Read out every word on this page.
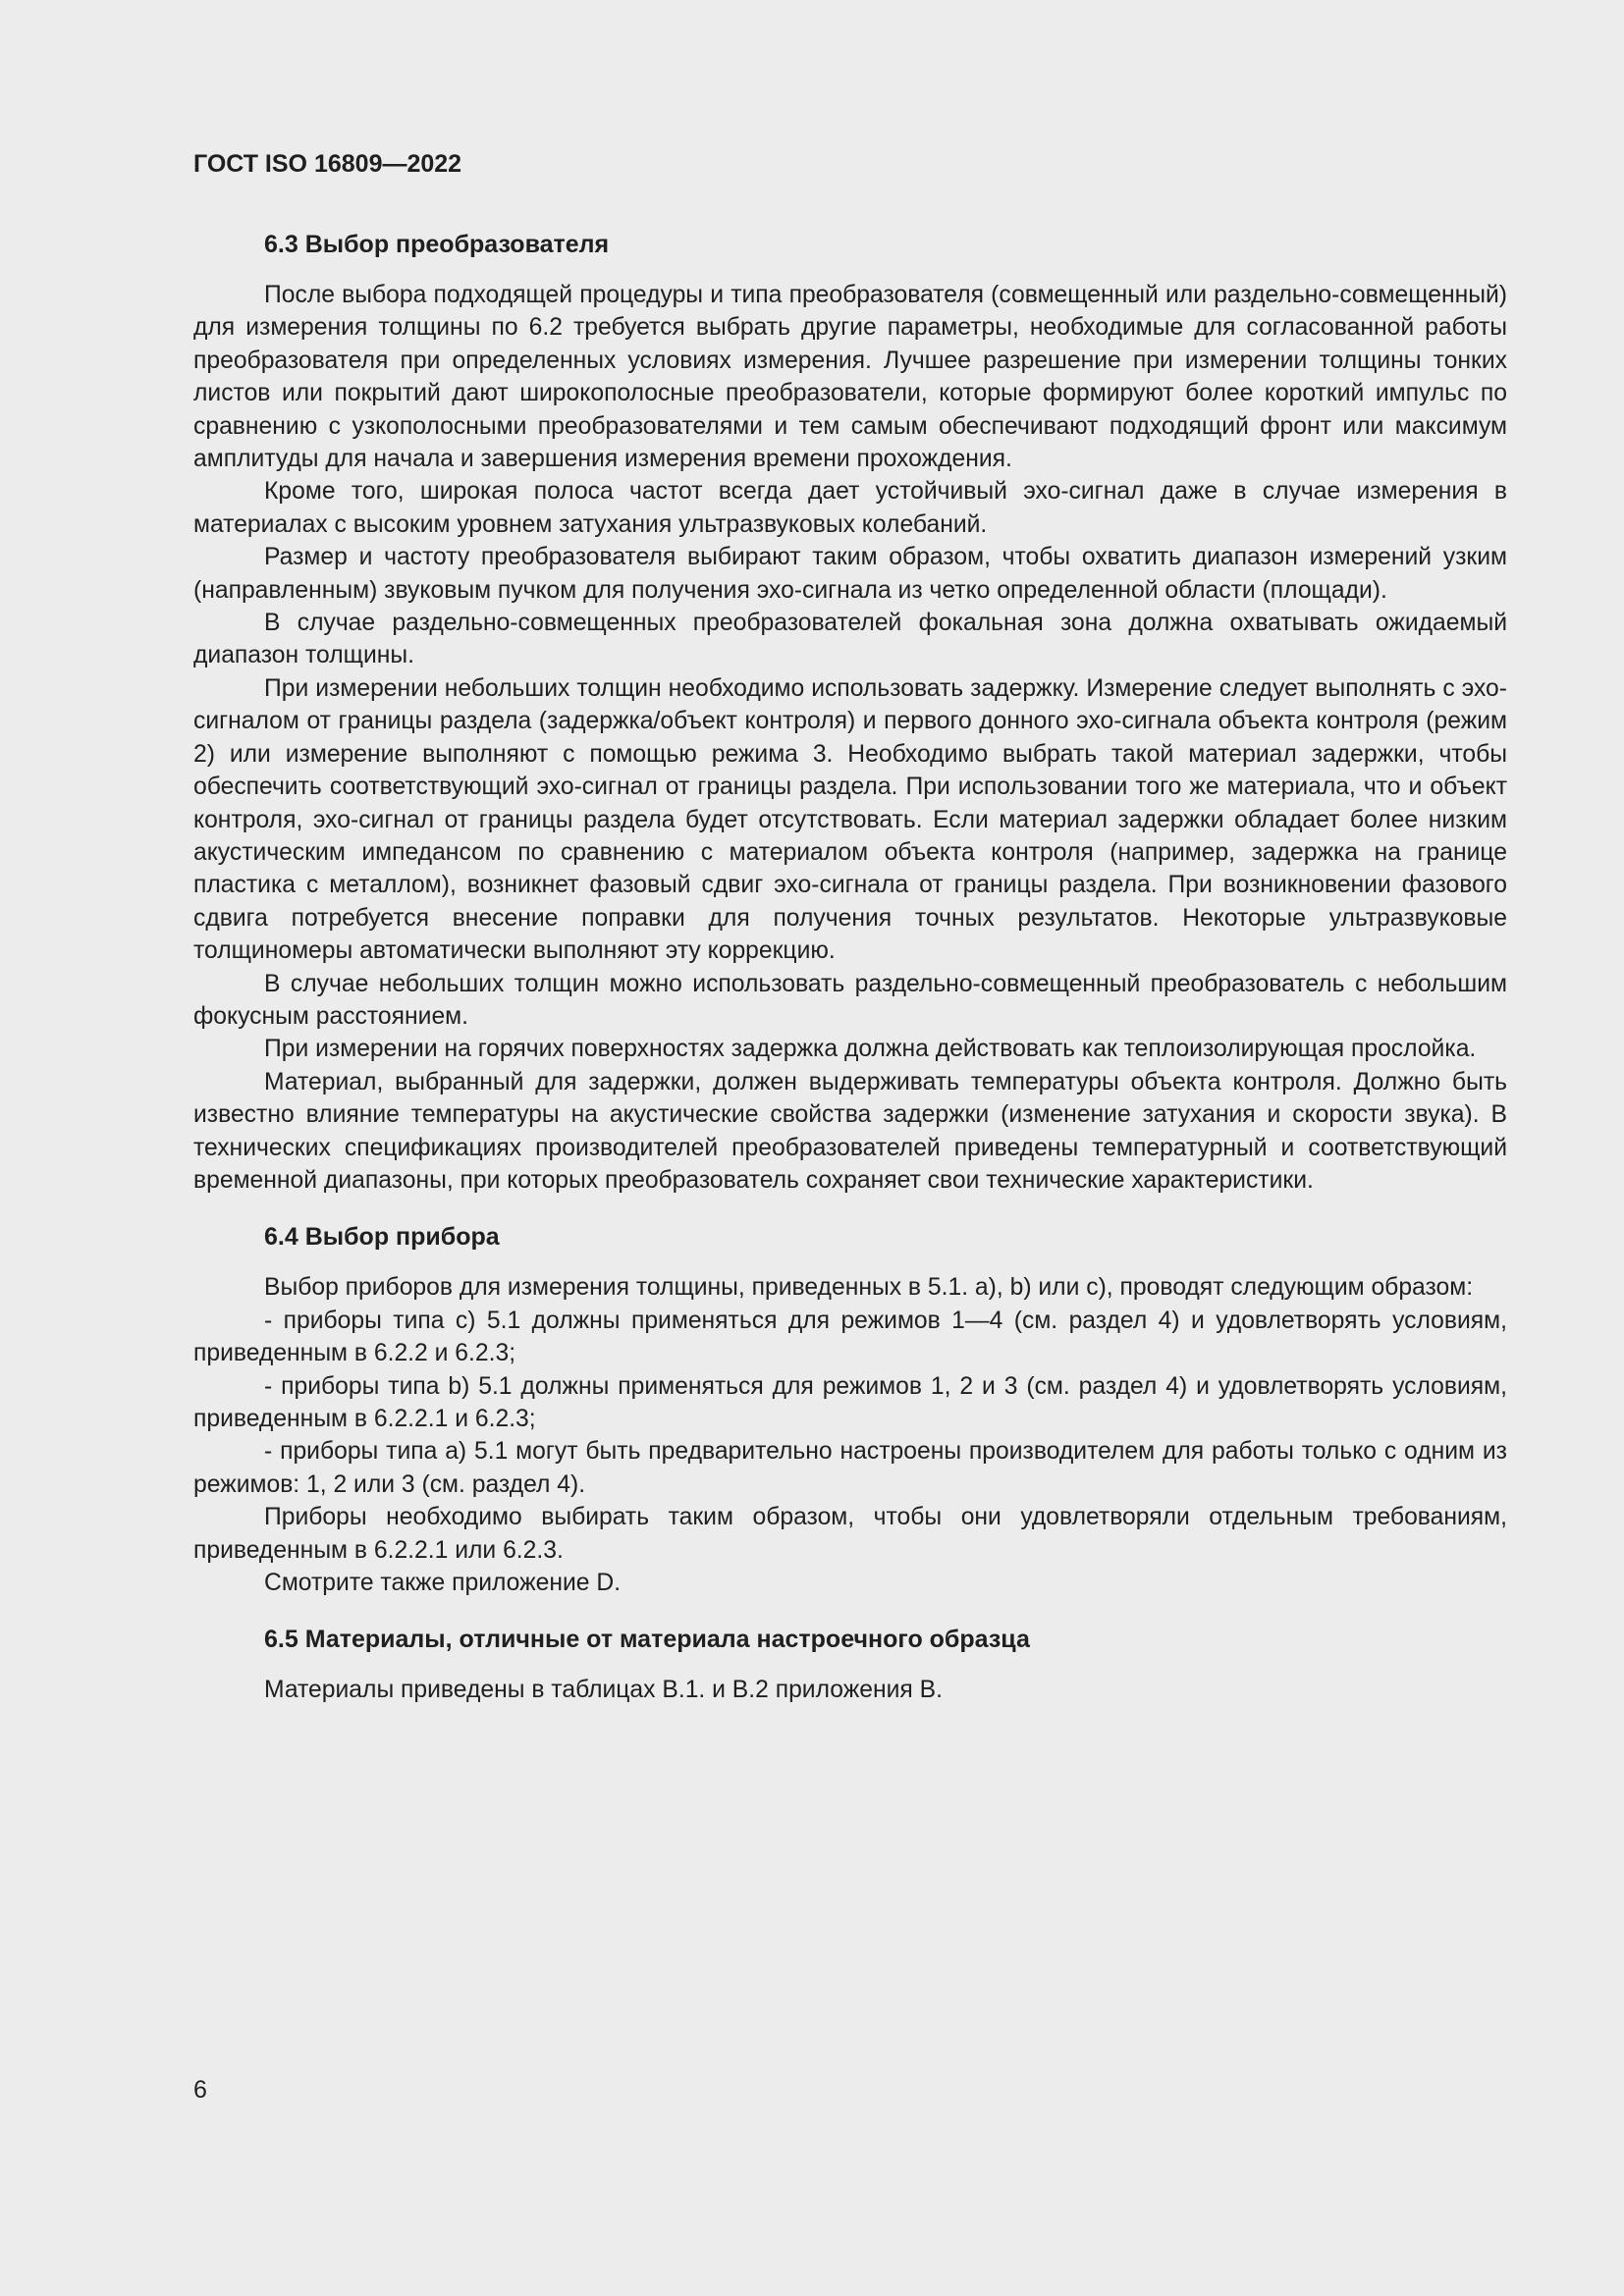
ГОСТ ISO 16809—2022
6.3 Выбор преобразователя

После выбора подходящей процедуры и типа преобразователя (совмещенный или раздельно-совмещенный) для измерения толщины по 6.2 требуется выбрать другие параметры, необходимые для согласованной работы преобразователя при определенных условиях измерения. Лучшее разрешение при измерении толщины тонких листов или покрытий дают широкополосные преобразователи, которые формируют более короткий импульс по сравнению с узкополосными преобразователями и тем самым обеспечивают подходящий фронт или максимум амплитуды для начала и завершения измерения времени прохождения.

Кроме того, широкая полоса частот всегда дает устойчивый эхо-сигнал даже в случае измерения в материалах с высоким уровнем затухания ультразвуковых колебаний.

Размер и частоту преобразователя выбирают таким образом, чтобы охватить диапазон измерений узким (направленным) звуковым пучком для получения эхо-сигнала из четко определенной области (площади).

В случае раздельно-совмещенных преобразователей фокальная зона должна охватывать ожидаемый диапазон толщины.

При измерении небольших толщин необходимо использовать задержку. Измерение следует выполнять с эхо-сигналом от границы раздела (задержка/объект контроля) и первого донного эхо-сигнала объекта контроля (режим 2) или измерение выполняют с помощью режима 3. Необходимо выбрать такой материал задержки, чтобы обеспечить соответствующий эхо-сигнал от границы раздела. При использовании того же материала, что и объект контроля, эхо-сигнал от границы раздела будет отсутствовать. Если материал задержки обладает более низким акустическим импедансом по сравнению с материалом объекта контроля (например, задержка на границе пластика с металлом), возникнет фазовый сдвиг эхо-сигнала от границы раздела. При возникновении фазового сдвига потребуется внесение поправки для получения точных результатов. Некоторые ультразвуковые толщиномеры автоматически выполняют эту коррекцию.

В случае небольших толщин можно использовать раздельно-совмещенный преобразователь с небольшим фокусным расстоянием.

При измерении на горячих поверхностях задержка должна действовать как теплоизолирующая прослойка.

Материал, выбранный для задержки, должен выдерживать температуры объекта контроля. Должно быть известно влияние температуры на акустические свойства задержки (изменение затухания и скорости звука). В технических спецификациях производителей преобразователей приведены температурный и соответствующий временной диапазоны, при которых преобразователь сохраняет свои технические характеристики.

6.4 Выбор прибора

Выбор приборов для измерения толщины, приведенных в 5.1. а), b) или c), проводят следующим образом:

- приборы типа c) 5.1 должны применяться для режимов 1—4 (см. раздел 4) и удовлетворять условиям, приведенным в 6.2.2 и 6.2.3;

- приборы типа b) 5.1 должны применяться для режимов 1, 2 и 3 (см. раздел 4) и удовлетворять условиям, приведенным в 6.2.2.1 и 6.2.3;

- приборы типа а) 5.1 могут быть предварительно настроены производителем для работы только с одним из режимов: 1, 2 или 3 (см. раздел 4).

Приборы необходимо выбирать таким образом, чтобы они удовлетворяли отдельным требованиям, приведенным в 6.2.2.1 или 6.2.3.

Смотрите также приложение D.

6.5 Материалы, отличные от материала настроечного образца

Материалы приведены в таблицах B.1. и B.2 приложения B.

6
